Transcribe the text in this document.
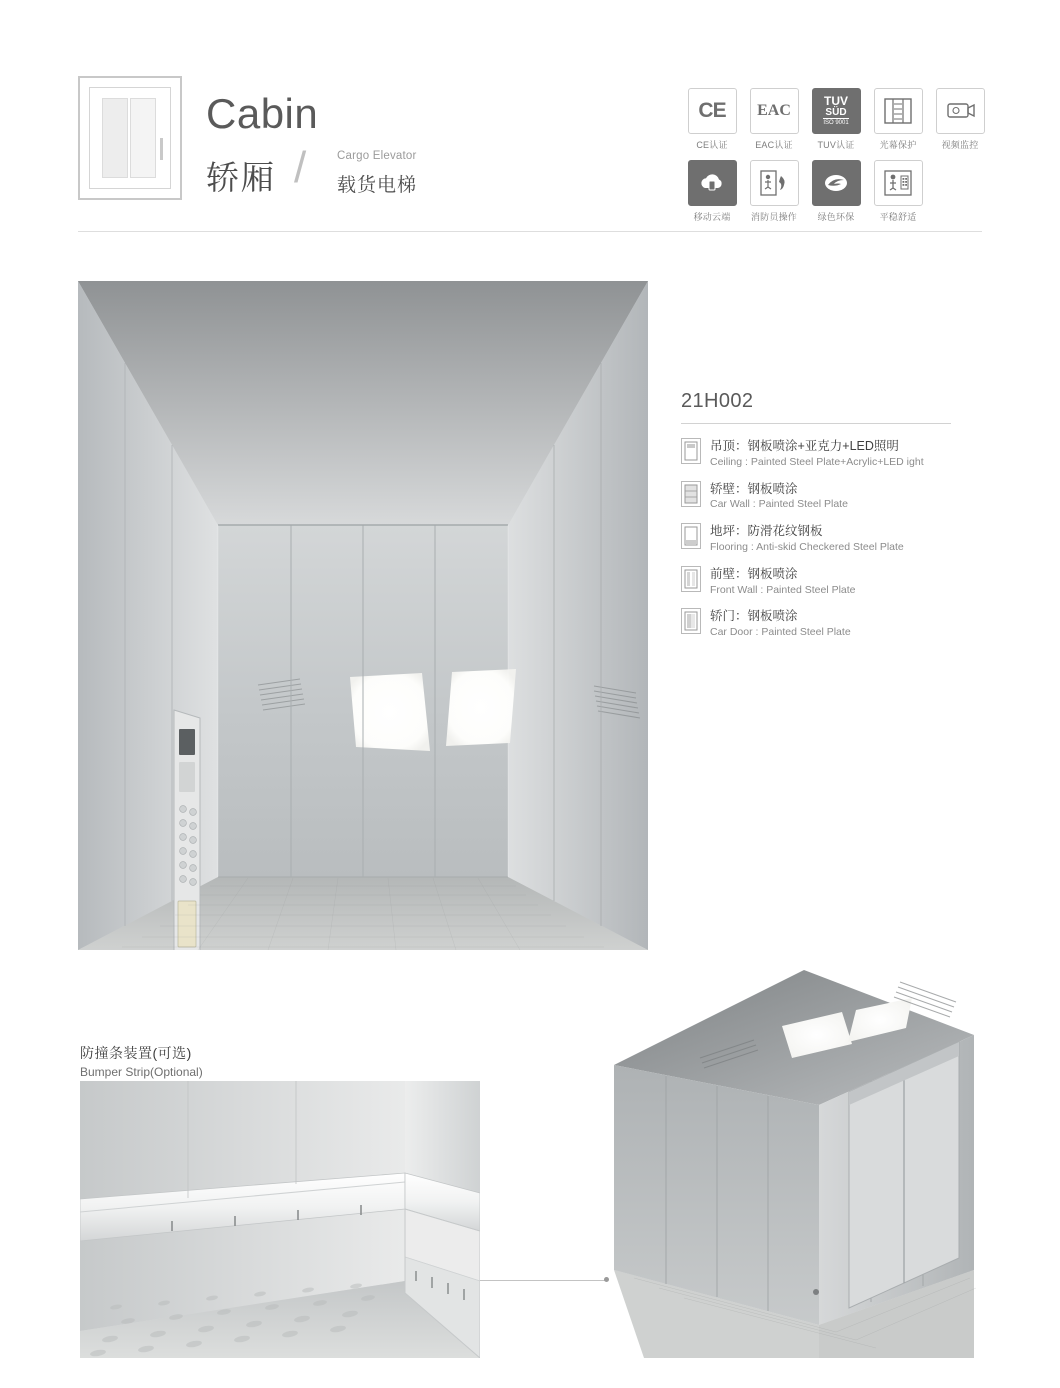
Cabin
轿厢 /	Cargo Elevator
载货电梯
CE
CE认证
EAC
EAC认证
TUV
SÜD
ISO 9001
TUV认证	光幕保护	视频监控
移动云端	消防员操作	绿色环保	平稳舒适
21H002
吊顶：钢板喷涂+亚克力+LED照明
Ceiling : Painted Steel Plate+Acrylic+LED ight
轿壁：钢板喷涂
Car Wall : Painted Steel Plate
地坪：防滑花纹钢板
Flooring : Anti-skid Checkered Steel Plate
前壁：钢板喷涂
Front Wall : Painted Steel Plate
轿门：钢板喷涂
Car Door : Painted Steel Plate
防撞条装置(可选)
Bumper Strip(Optional)
